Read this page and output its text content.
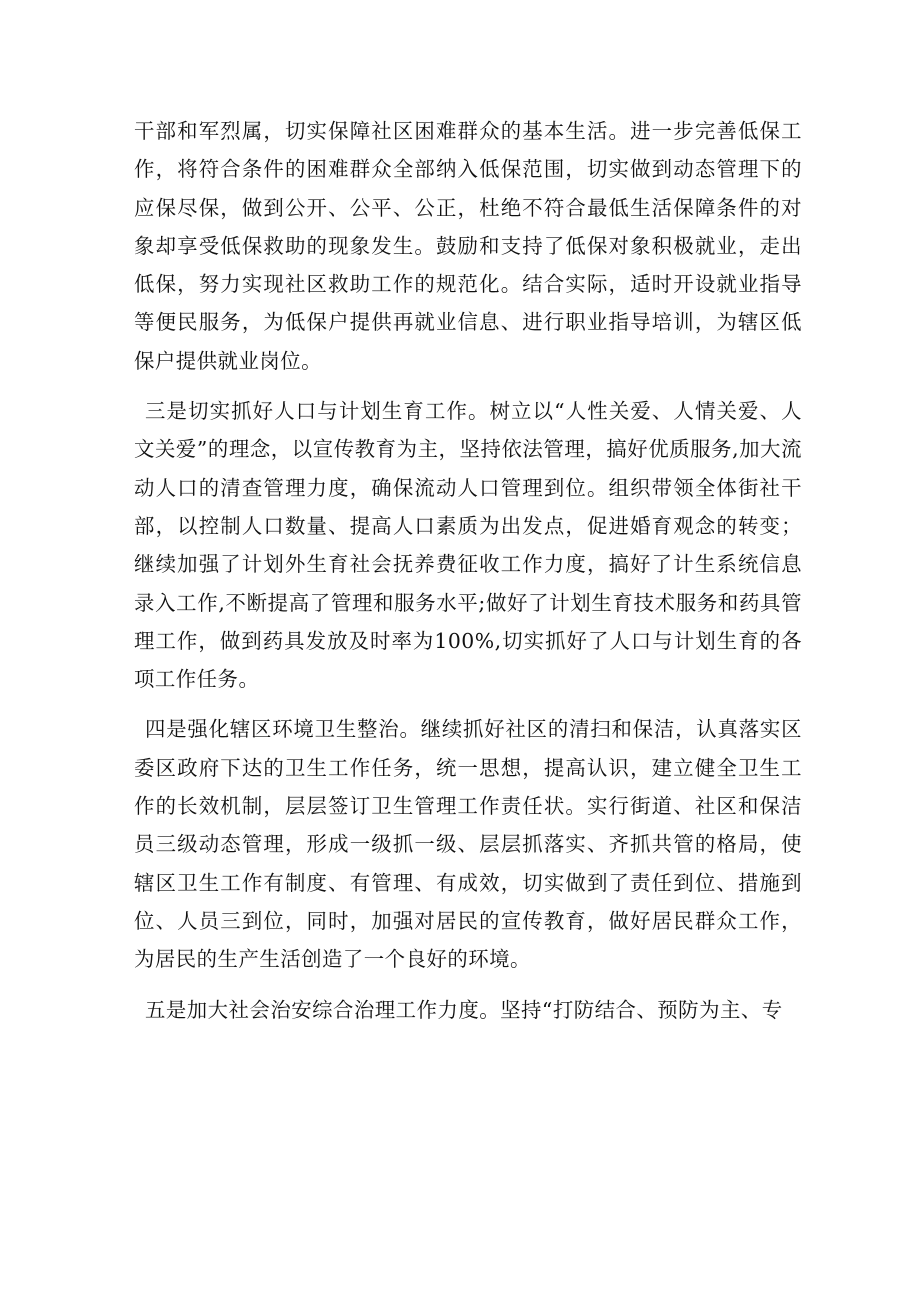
干部和军烈属，切实保障社区困难群众的基本生活。进一步完善低保工作，将符合条件的困难群众全部纳入低保范围，切实做到动态管理下的应保尽保，做到公开、公平、公正，杜绝不符合最低生活保障条件的对象却享受低保救助的现象发生。鼓励和支持了低保对象积极就业，走出低保，努力实现社区救助工作的规范化。结合实际，适时开设就业指导等便民服务，为低保户提供再就业信息、进行职业指导培训，为辖区低保户提供就业岗位。

三是切实抓好人口与计划生育工作。树立以“人性关爱、人情关爱、人文关爱”的理念，以宣传教育为主，坚持依法管理，搞好优质服务,加大流动人口的清查管理力度，确保流动人口管理到位。组织带领全体街社干部，以控制人口数量、提高人口素质为出发点，促进婚育观念的转变；继续加强了计划外生育社会抚养费征收工作力度，搞好了计生系统信息录入工作,不断提高了管理和服务水平;做好了计划生育技术服务和药具管理工作，做到药具发放及时率为100%,切实抓好了人口与计划生育的各项工作任务。

四是强化辖区环境卫生整治。继续抓好社区的清扫和保洁，认真落实区委区政府下达的卫生工作任务，统一思想，提高认识，建立健全卫生工作的长效机制，层层签订卫生管理工作责任状。实行街道、社区和保洁员三级动态管理，形成一级抓一级、层层抓落实、齐抓共管的格局，使辖区卫生工作有制度、有管理、有成效，切实做到了责任到位、措施到位、人员三到位，同时，加强对居民的宣传教育，做好居民群众工作，为居民的生产生活创造了一个良好的环境。

五是加大社会治安综合治理工作力度。坚持“打防结合、预防为主、专
